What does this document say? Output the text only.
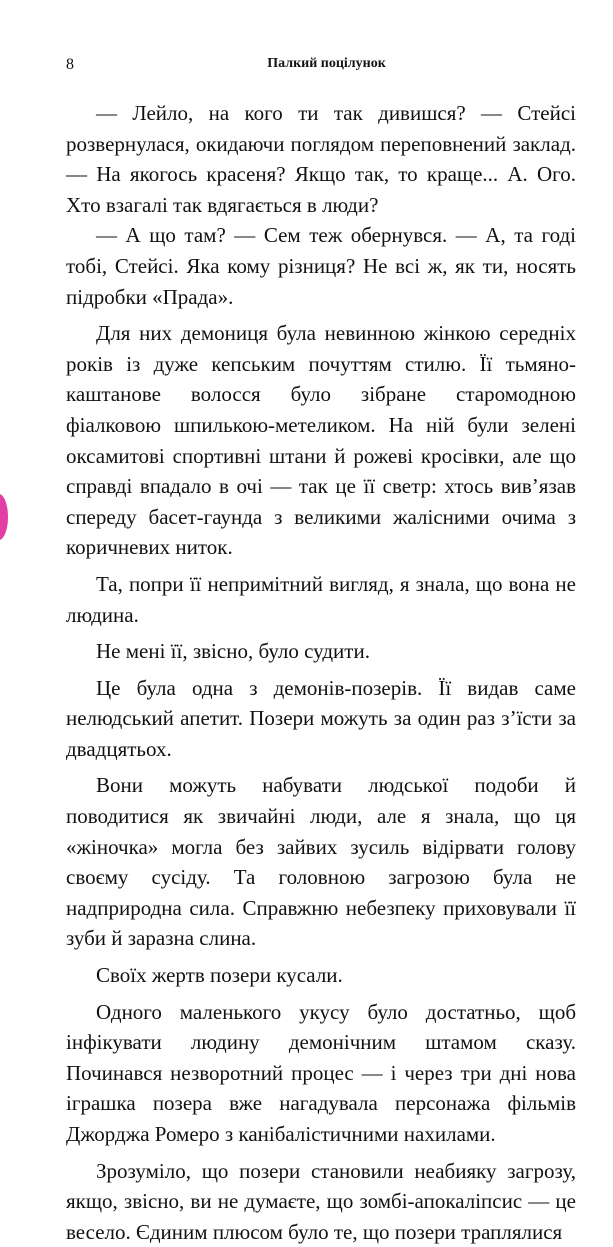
8	Палкий поцілунок

— Лейло, на кого ти так дивишся? — Стейсі розвернулася, окидаючи поглядом переповнений заклад. — На якогось красеня? Якщо так, то краще... А. Ого. Хто взагалі так вдягається в люди?

— А що там? — Сем теж обернувся. — А, та годі тобі, Стейсі. Яка кому різниця? Не всі ж, як ти, носять підробки «Прада».

Для них демониця була невинною жінкою середніх років із дуже кепським почуттям стилю. Її тьмяно-каштанове волосся було зібране старомодною фіалковою шпилькою-метеликом. На ній були зелені оксамитові спортивні штани й рожеві кросівки, але що справді впадало в очі — так це її светр: хтось вив’язав спереду басет-гаунда з великими жалісними очима з коричневих ниток.

Та, попри її непримітний вигляд, я знала, що вона не людина.

Не мені її, звісно, було судити.

Це була одна з демонів-позерів. Її видав саме нелюдський апетит. Позери можуть за один раз з’їсти за двадцятьох.

Вони можуть набувати людської подоби й поводитися як звичайні люди, але я знала, що ця «жіночка» могла без зайвих зусиль відірвати голову своєму сусіду. Та головною загрозою була не надприродна сила. Справжню небезпеку приховували її зуби й заразна слина.

Своїх жертв позери кусали.

Одного маленького укусу було достатньо, щоб інфікувати людину демонічним штамом сказу. Починався незворотний процес — і через три дні нова іграшка позера вже нагадувала персонажа фільмів Джорджа Ромеро з канібалістичними нахилами.

Зрозуміло, що позери становили неабияку загрозу, якщо, звісно, ви не думаєте, що зомбі-апокаліпсис — це весело. Єдиним плюсом було те, що позери траплялися
